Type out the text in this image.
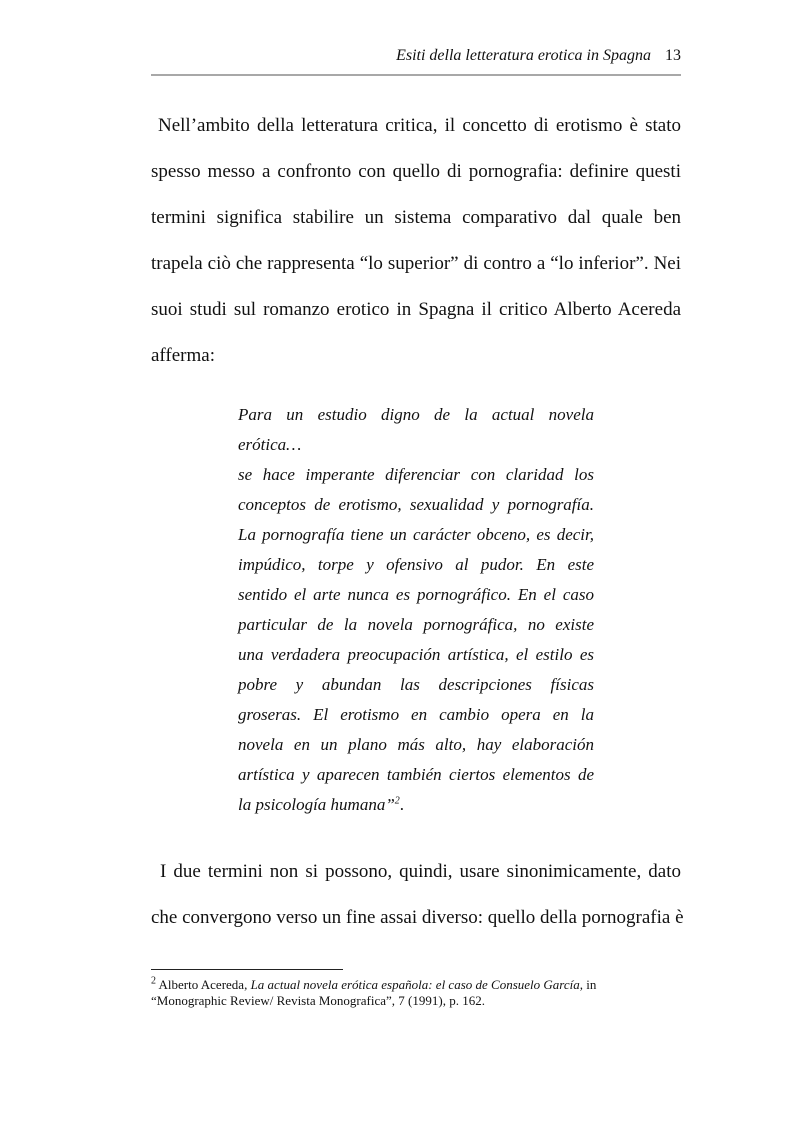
Esiti della letteratura erotica in Spagna 13

Nell’ambito della letteratura critica, il concetto di erotismo è stato
spesso messo a confronto con quello di pornografia: definire questi
termini significa stabilire un sistema comparativo dal quale ben
trapela ciò che rappresenta “lo superior” di contro a “lo inferior”. Nei
suoi studi sul romanzo erotico in Spagna il critico Alberto Acereda
afferma:

Para un estudio digno de la actual novela
erótica…
se hace imperante diferenciar con claridad los
conceptos de erotismo, sexualidad y pornografía.
La pornografía tiene un carácter obceno, es decir,
impúdico, torpe y ofensivo al pudor. En este
sentido el arte nunca es pornográfico. En el caso
particular de la novela pornográfica, no existe
una verdadera preocupación artística, el estilo es
pobre y abundan las descripciones físicas
groseras. El erotismo en cambio opera en la
novela en un plano más alto, hay elaboración
artística y aparecen también ciertos elementos de
la psicología humana”$^2$.

I due termini non si possono, quindi, usare sinonimicamente, dato
che convergono verso un fine assai diverso: quello della pornografia è

$^2$ Alberto Acereda, La actual novela erótica española: el caso de Consuelo García, in
“Monographic Review/ Revista Monografica”, 7 (1991), p. 162.
